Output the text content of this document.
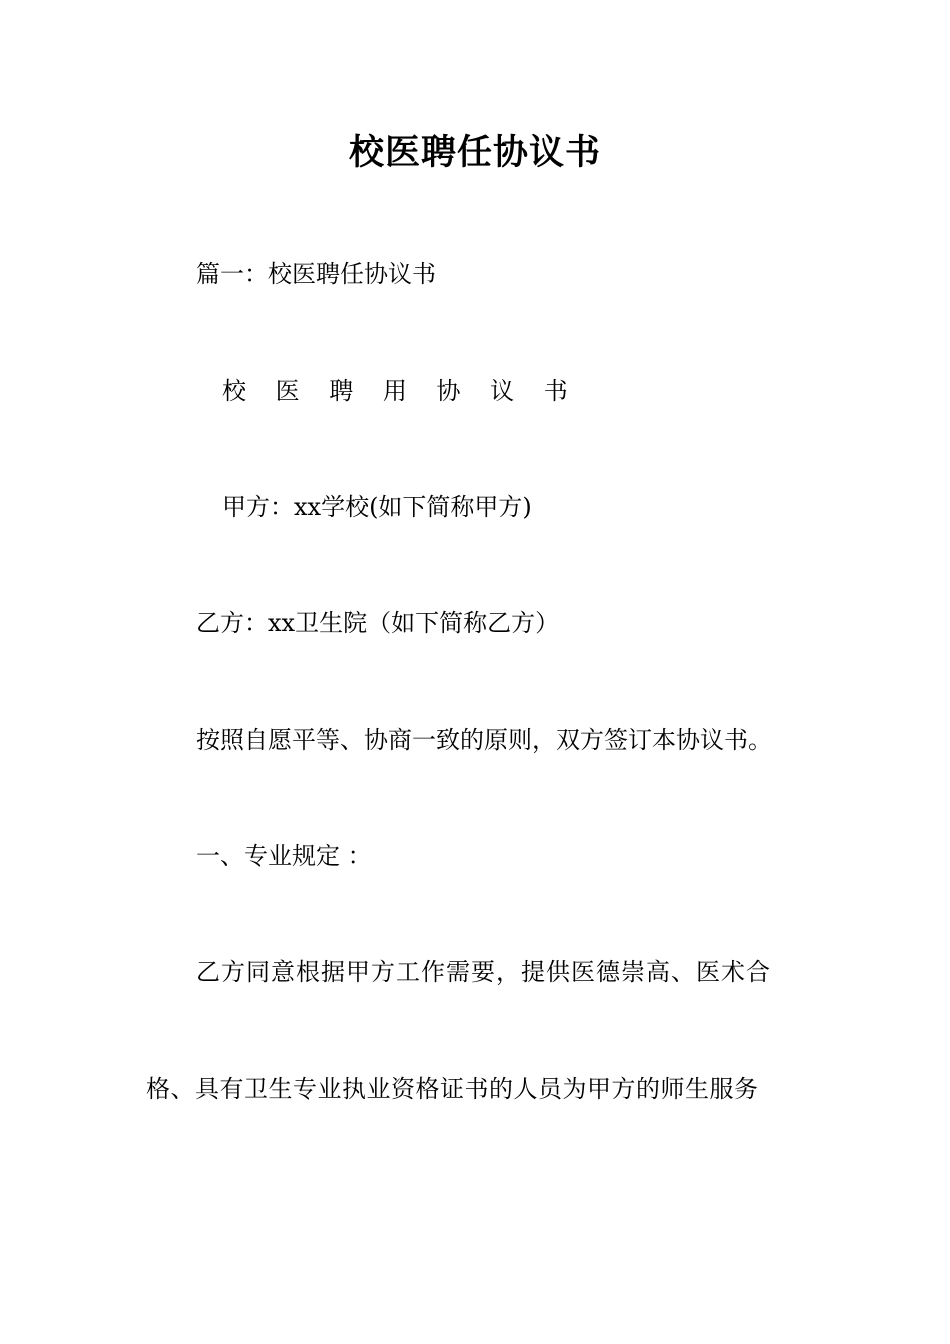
校医聘任协议书
篇一：校医聘任协议书
校 医 聘 用 协 议 书
甲方：xx学校(如下简称甲方)
乙方：xx卫生院（如下简称乙方）
按照自愿平等、协商一致的原则，双方签订本协议书。
一、专业规定 ：
乙方同意根据甲方工作需要，提供医德崇高、医术合
格、具有卫生专业执业资格证书的人员为甲方的师生服务
